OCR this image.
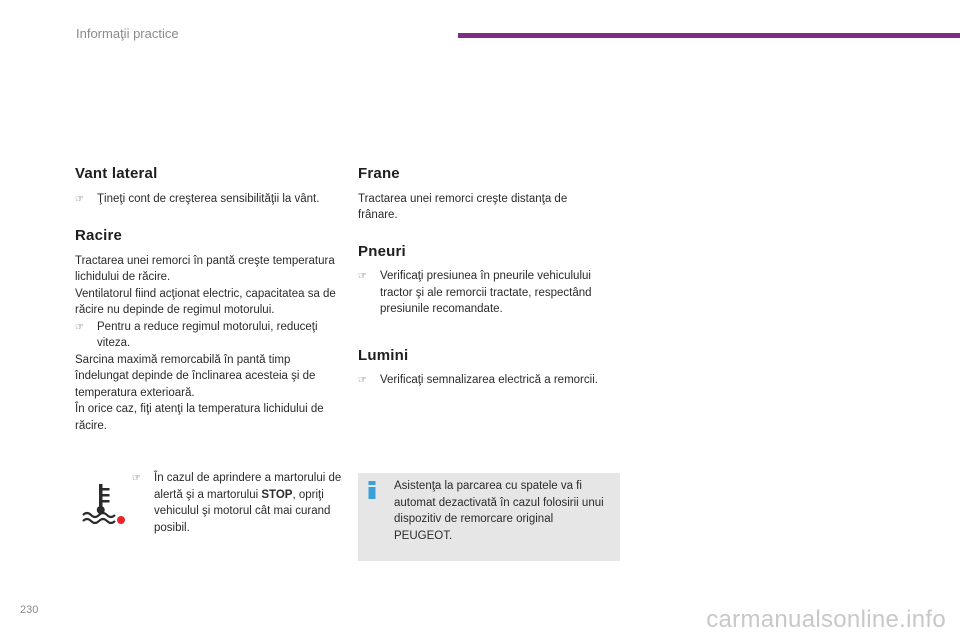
Informaţii practice
Vant lateral
☞	Ţineţi cont de creşterea sensibilităţii la vânt.
Racire

Tractarea unei remorci în pantă creşte temperatura lichidului de răcire.

Ventilatorul fiind acţionat electric, capacitatea sa de răcire nu depinde de regimul motorului.

☞	Pentru a reduce regimul motorului, reduceţi viteza.

Sarcina maximă remorcabilă în pantă timp îndelungat depinde de înclinarea acesteia şi de temperatura exterioară.

În orice caz, fiţi atenţi la temperatura lichidului de răcire.

Frane

Tractarea unei remorci creşte distanţa de frânare.

Pneuri
☞	Verificaţi presiunea în pneurile vehiculului tractor şi ale remorcii tractate, respectând presiunile recomandate.
Lumini
☞	Verificaţi semnalizarea electrică a remorcii.
☞	În cazul de aprindere a martorului de alertă şi a martorului STOP, opriţi vehiculul şi motorul cât mai curand posibil.
Asistenţa la parcarea cu spatele va fi automat dezactivată în cazul folosirii unui dispozitiv de remorcare original PEUGEOT.
230	carmanualsonline.info
